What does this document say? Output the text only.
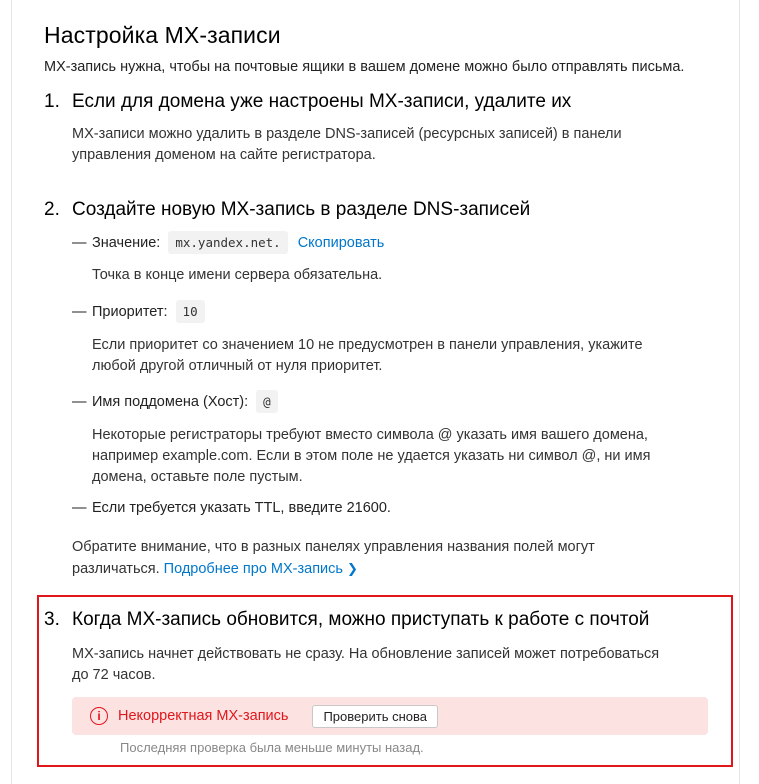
Настройка MX-записи
MX-запись нужна, чтобы на почтовые ящики в вашем домене можно было отправлять письма.
1. Если для домена уже настроены MX-записи, удалите их
MX-записи можно удалить в разделе DNS-записей (ресурсных записей) в панели
управления доменом на сайте регистратора.
2. Создайте новую MX-запись в разделе DNS-записей
— Значение:	mx.yandex.net.	Скопировать
Точка в конце имени сервера обязательна.
— Приоритет:	10
Если приоритет со значением 10 не предусмотрен в панели управления, укажите
любой другой отличный от нуля приоритет.
— Имя поддомена (Хост):	@
Некоторые регистраторы требуют вместо символа @ указать имя вашего домена,
например example.com. Если в этом поле не удается указать ни символ @, ни имя
домена, оставьте поле пустым.
— Если требуется указать TTL, введите 21600.
Обратите внимание, что в разных панелях управления названия полей могут
различаться. Подробнее про MX-запись ❯
3. Когда MX-запись обновится, можно приступать к работе с почтой
MX-запись начнет действовать не сразу. На обновление записей может потребоваться
до 72 часов.
i	Некорректная MX-запись	Проверить снова
Последняя проверка была меньше минуты назад.
